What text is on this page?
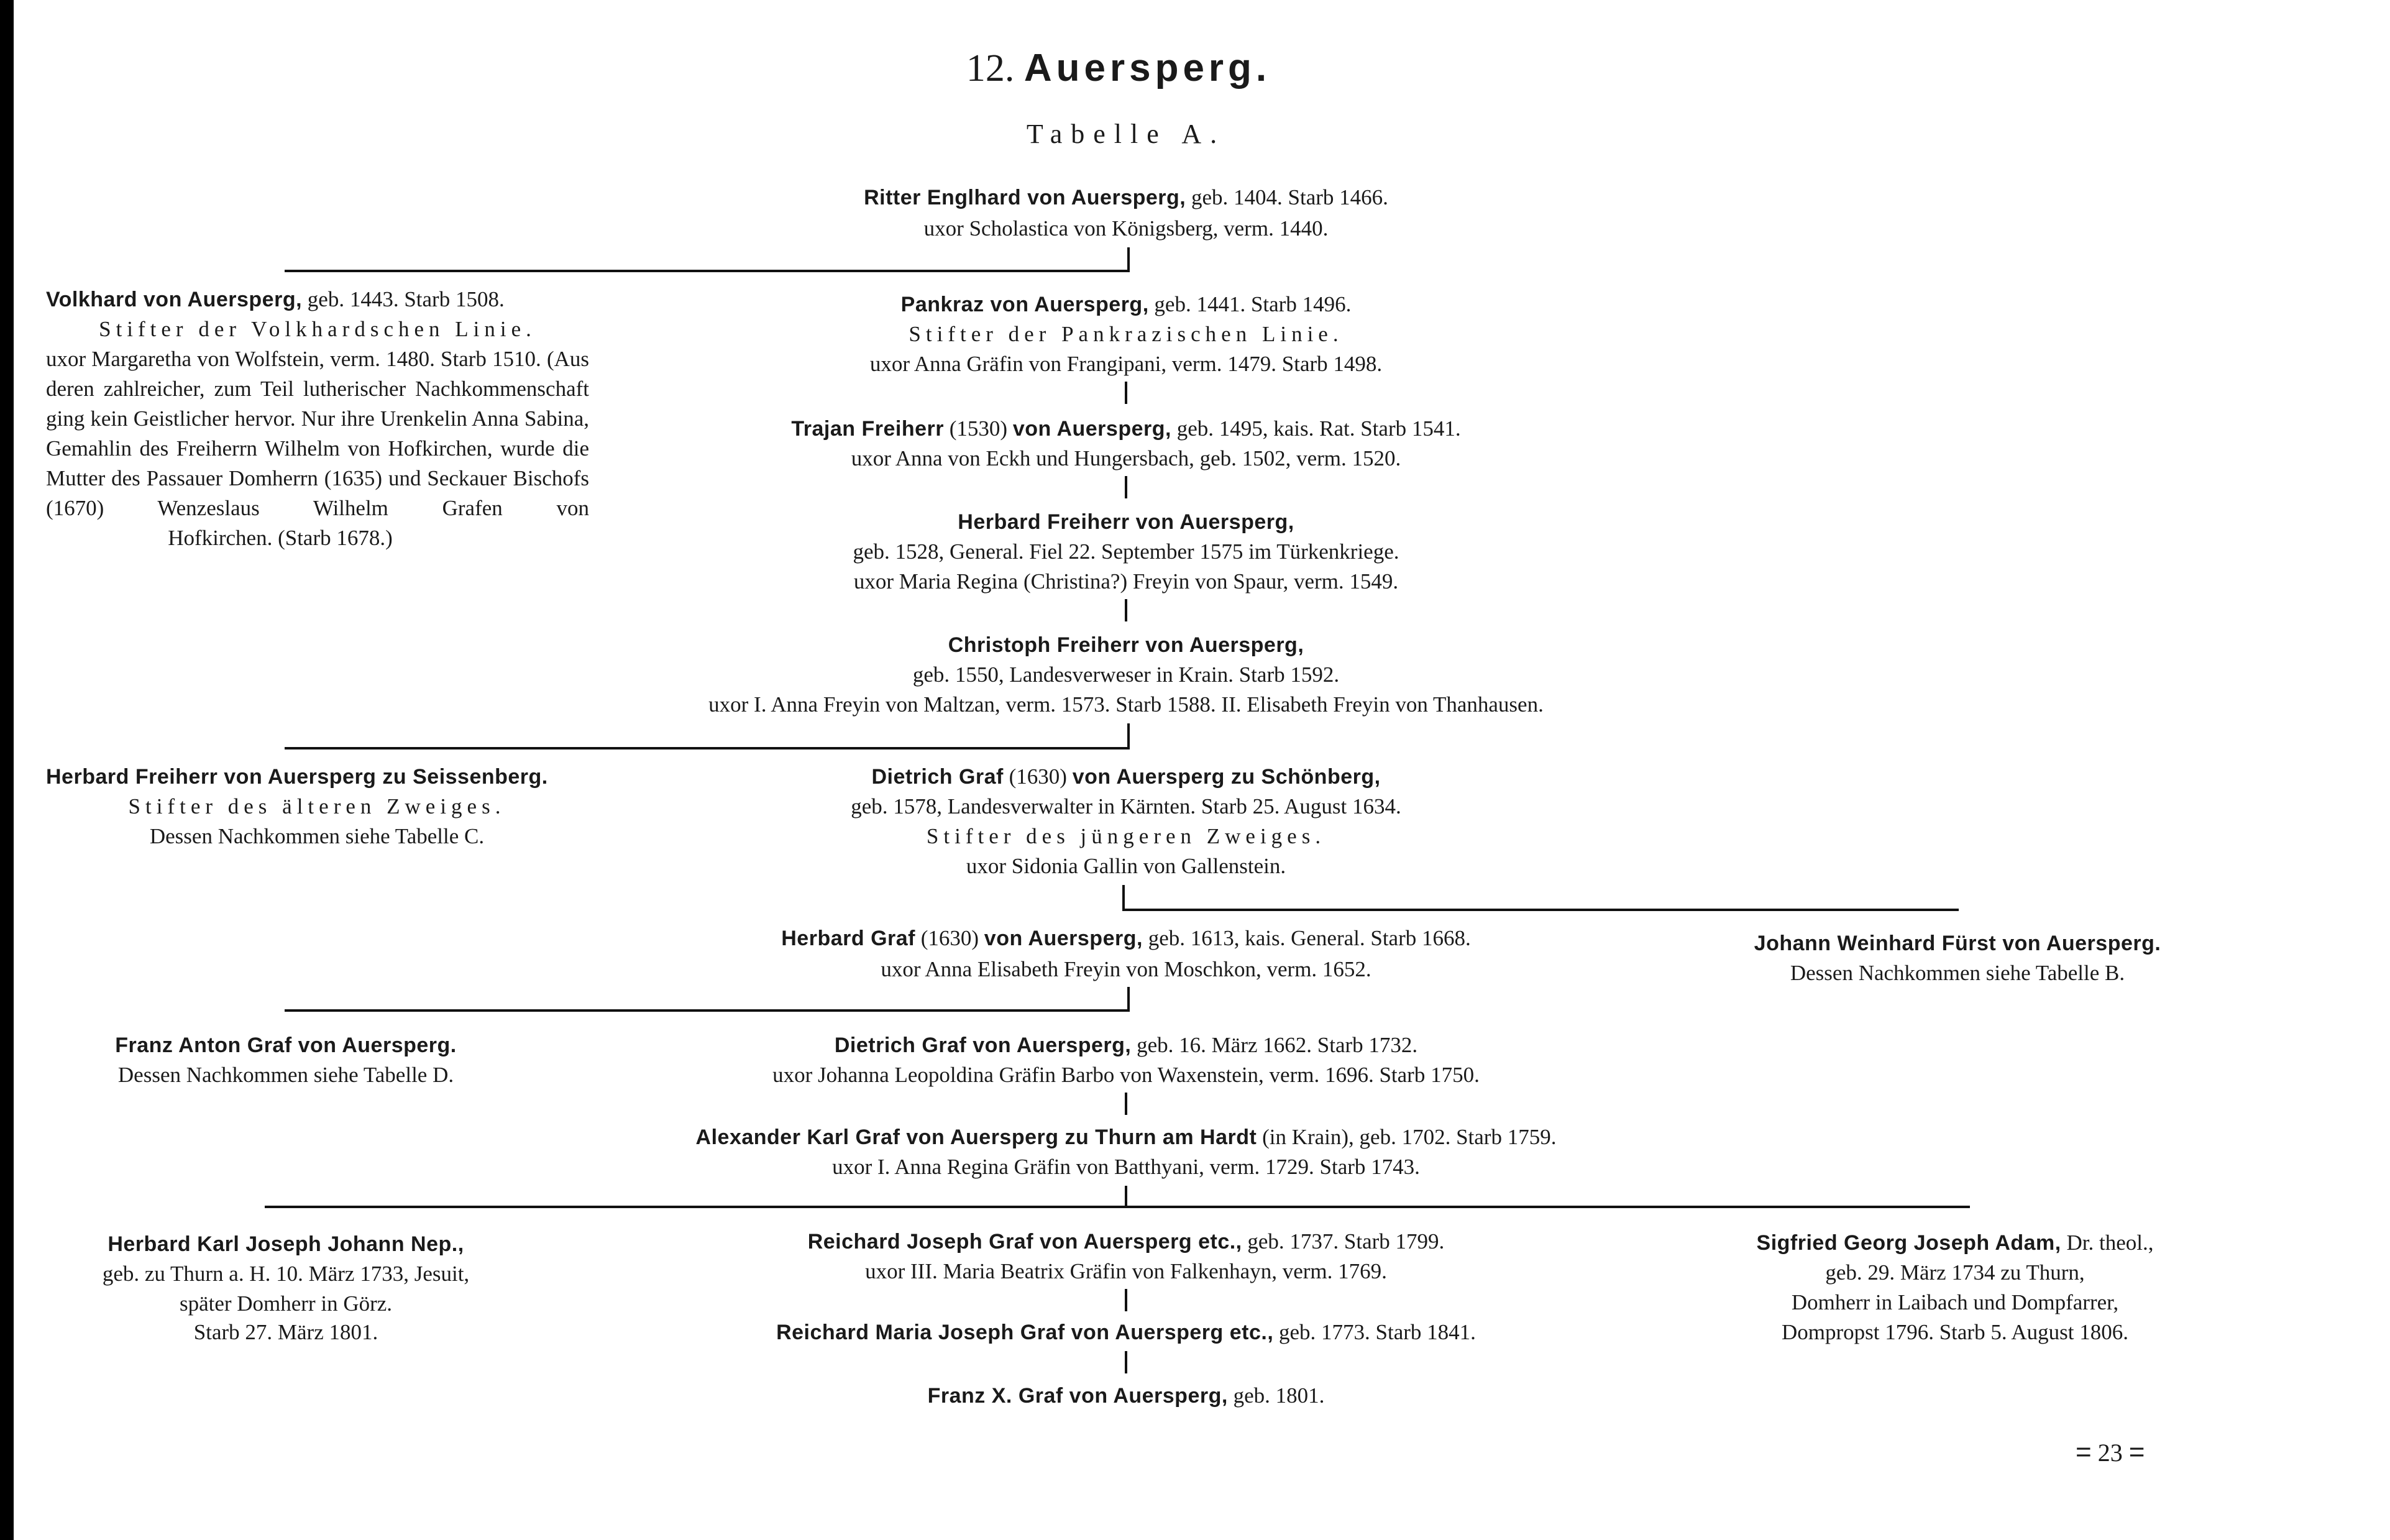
12. Auersperg.
Tabelle A.
Ritter Englhard von Auersperg, geb. 1404. Starb 1466.
uxor Scholastica von Königsberg, verm. 1440.
Volkhard von Auersperg, geb. 1443. Starb 1508.
Stifter der Volkhardschen Linie.
uxor Margaretha von Wolfstein, verm. 1480. Starb 1510. (Aus deren zahlreicher, zum Teil lutherischer Nachkommenschaft ging kein Geistlicher hervor. Nur ihre Urenkelin Anna Sabina, Gemahlin des Freiherrn Wilhelm von Hofkirchen, wurde die Mutter des Passauer Domherrn (1635) und Seckauer Bischofs (1670) Wenzeslaus Wilhelm Grafen von
Hofkirchen. (Starb 1678.)
Pankraz von Auersperg, geb. 1441. Starb 1496.
Stifter der Pankrazischen Linie.
uxor Anna Gräfin von Frangipani, verm. 1479. Starb 1498.
Trajan Freiherr (1530) von Auersperg, geb. 1495, kais. Rat. Starb 1541.
uxor Anna von Eckh und Hungersbach, geb. 1502, verm. 1520.
Herbard Freiherr von Auersperg,
geb. 1528, General. Fiel 22. September 1575 im Türkenkriege.
uxor Maria Regina (Christina?) Freyin von Spaur, verm. 1549.
Christoph Freiherr von Auersperg,
geb. 1550, Landesverweser in Krain. Starb 1592.
uxor I. Anna Freyin von Maltzan, verm. 1573. Starb 1588. II. Elisabeth Freyin von Thanhausen.
Herbard Freiherr von Auersperg zu Seissenberg.
Stifter des älteren Zweiges.
Dessen Nachkommen siehe Tabelle C.
Dietrich Graf (1630) von Auersperg zu Schönberg,
geb. 1578, Landesverwalter in Kärnten. Starb 25. August 1634.
Stifter des jüngeren Zweiges.
uxor Sidonia Gallin von Gallenstein.
Herbard Graf (1630) von Auersperg, geb. 1613, kais. General. Starb 1668.
uxor Anna Elisabeth Freyin von Moschkon, verm. 1652.
Johann Weinhard Fürst von Auersperg.
Dessen Nachkommen siehe Tabelle B.
Franz Anton Graf von Auersperg.
Dessen Nachkommen siehe Tabelle D.
Dietrich Graf von Auersperg, geb. 16. März 1662. Starb 1732.
uxor Johanna Leopoldina Gräfin Barbo von Waxenstein, verm. 1696. Starb 1750.
Alexander Karl Graf von Auersperg zu Thurn am Hardt (in Krain), geb. 1702. Starb 1759.
uxor I. Anna Regina Gräfin von Batthyani, verm. 1729. Starb 1743.
Herbard Karl Joseph Johann Nep.,
geb. zu Thurn a. H. 10. März 1733, Jesuit,
später Domherr in Görz.
Starb 27. März 1801.
Reichard Joseph Graf von Auersperg etc., geb. 1737. Starb 1799.
uxor III. Maria Beatrix Gräfin von Falkenhayn, verm. 1769.
Sigfried Georg Joseph Adam, Dr. theol.,
geb. 29. März 1734 zu Thurn,
Domherr in Laibach und Dompfarrer,
Dompropst 1796. Starb 5. August 1806.
Reichard Maria Joseph Graf von Auersperg etc., geb. 1773. Starb 1841.
Franz X. Graf von Auersperg, geb. 1801.
= 23 =
